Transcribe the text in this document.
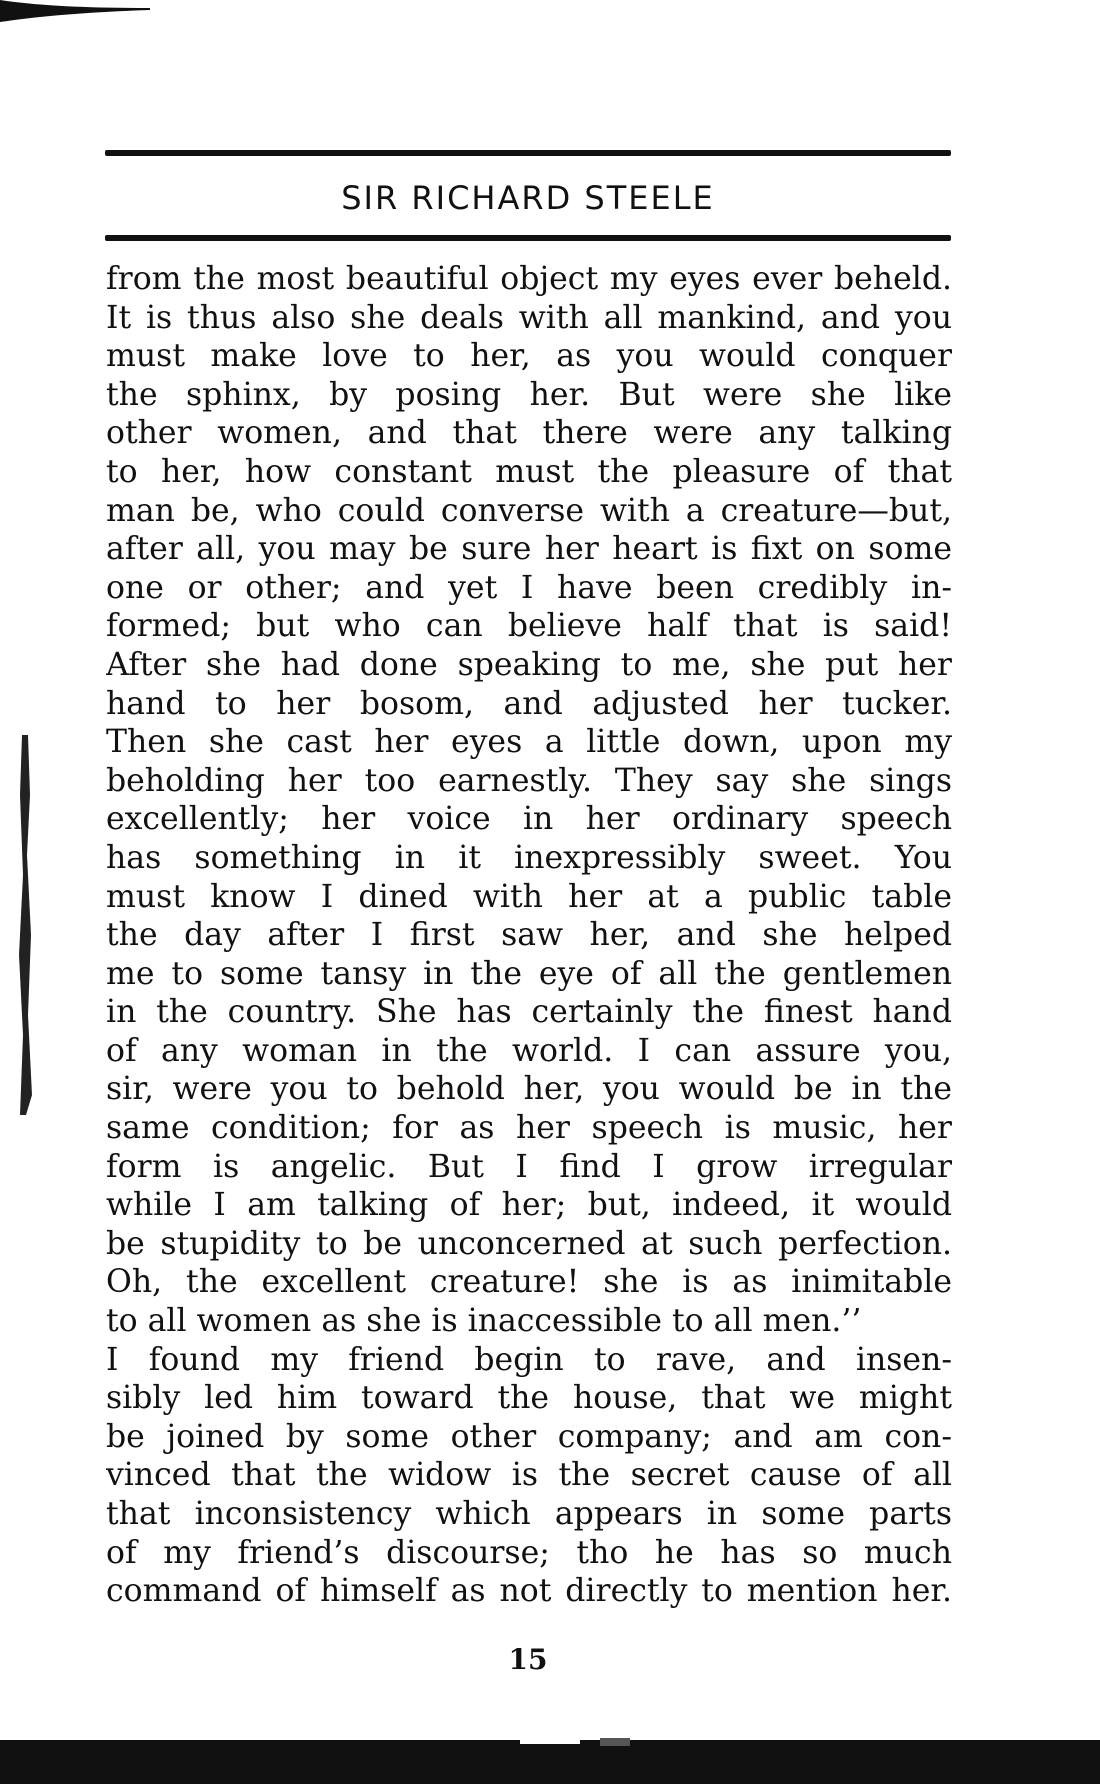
SIR RICHARD STEELE
from the most beautiful object my eyes ever beheld.
It is thus also she deals with all mankind, and you
must make love to her, as you would conquer
the sphinx, by posing her. But were she like
other women, and that there were any talking
to her, how constant must the pleasure of that
man be, who could converse with a creature—but,
after all, you may be sure her heart is fixt on some
one or other; and yet I have been credibly in-
formed; but who can believe half that is said!
After she had done speaking to me, she put her
hand to her bosom, and adjusted her tucker.
Then she cast her eyes a little down, upon my
beholding her too earnestly. They say she sings
excellently; her voice in her ordinary speech
has something in it inexpressibly sweet. You
must know I dined with her at a public table
the day after I first saw her, and she helped
me to some tansy in the eye of all the gentlemen
in the country. She has certainly the finest hand
of any woman in the world. I can assure you,
sir, were you to behold her, you would be in the
same condition; for as her speech is music, her
form is angelic. But I find I grow irregular
while I am talking of her; but, indeed, it would
be stupidity to be unconcerned at such perfection.
Oh, the excellent creature! she is as inimitable
to all women as she is inaccessible to all men.’’
I found my friend begin to rave, and insen-
sibly led him toward the house, that we might
be joined by some other company; and am con-
vinced that the widow is the secret cause of all
that inconsistency which appears in some parts
of my friend’s discourse; tho he has so much
command of himself as not directly to mention her.
15
